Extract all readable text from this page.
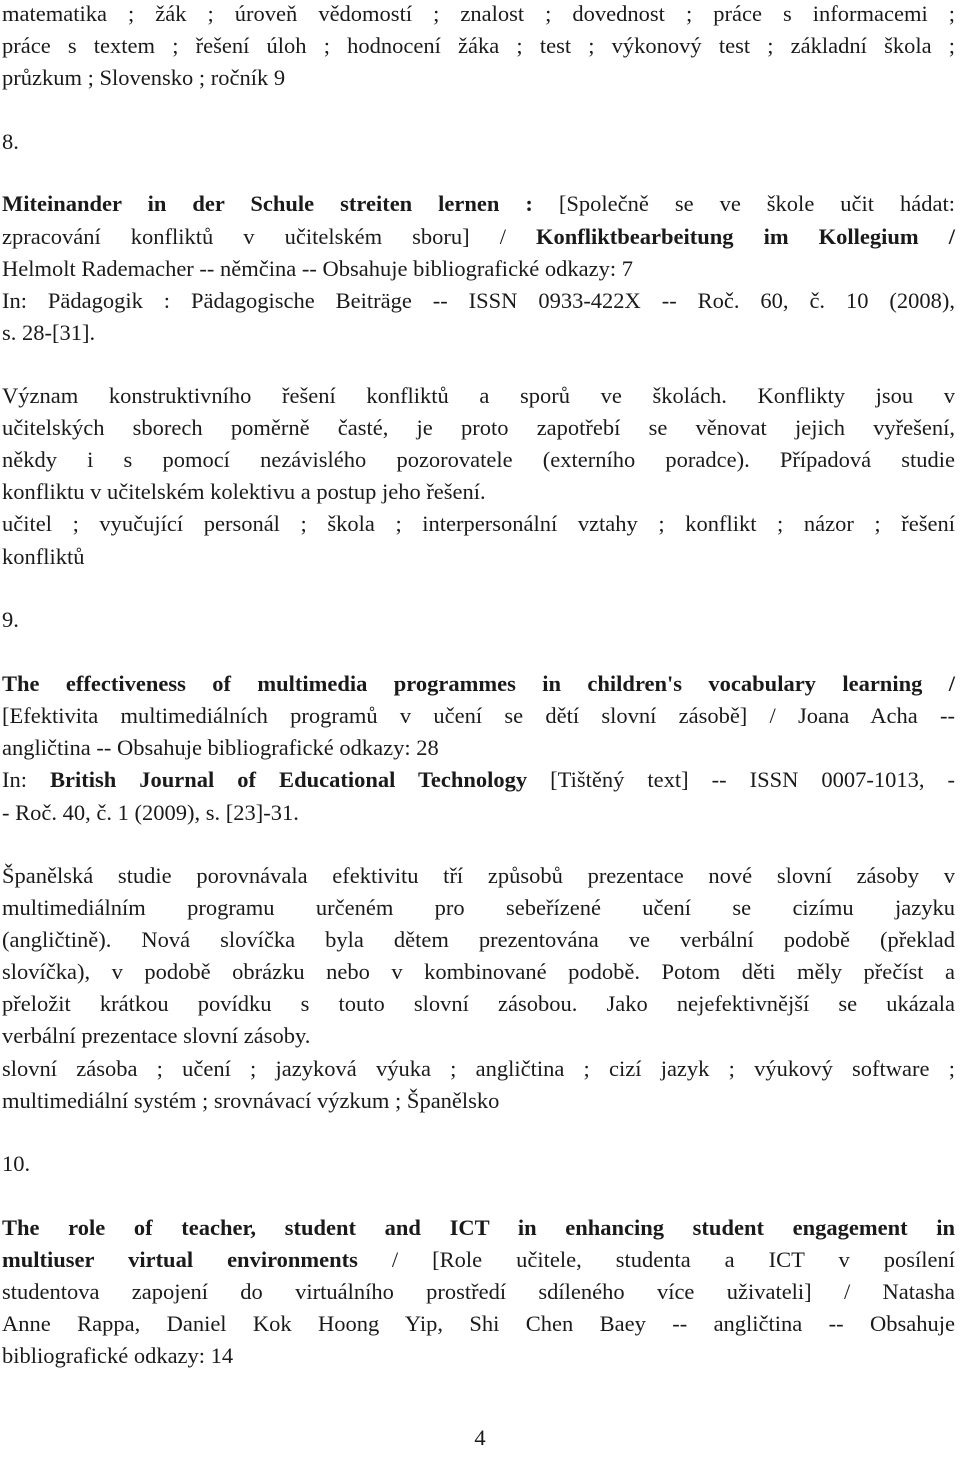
matematika ; žák ; úroveň vědomostí ; znalost ; dovednost ; práce s informacemi ;
práce s textem ; řešení úloh ; hodnocení žáka ; test ; výkonový test ; základní škola ;
průzkum ; Slovensko ; ročník 9
8.
Miteinander in der Schule streiten lernen : [Společně se ve škole učit hádat:
zpracování konfliktů v učitelském sboru] / Konfliktbearbeitung im Kollegium /
Helmolt Rademacher -- němčina -- Obsahuje bibliografické odkazy: 7
In: Pädagogik : Pädagogische Beiträge -- ISSN 0933-422X -- Roč. 60, č. 10 (2008),
s. 28-[31].
Význam konstruktivního řešení konfliktů a sporů ve školách. Konflikty jsou v
učitelských sborech poměrně časté, je proto zapotřebí se věnovat jejich vyřešení,
někdy i s pomocí nezávislého pozorovatele (externího poradce). Případová studie
konfliktu v učitelském kolektivu a postup jeho řešení.
učitel ; vyučující personál ; škola ; interpersonální vztahy ; konflikt ; názor ; řešení
konfliktů
9.
The effectiveness of multimedia programmes in children's vocabulary learning /
[Efektivita multimediálních programů v učení se dětí slovní zásobě] / Joana Acha --
angličtina -- Obsahuje bibliografické odkazy: 28
In: British Journal of Educational Technology [Tištěný text] -- ISSN 0007-1013, -
- Roč. 40, č. 1 (2009), s. [23]-31.
Španělská studie porovnávala efektivitu tří způsobů prezentace nové slovní zásoby v
multimediálním programu určeném pro sebeřízené učení se cizímu jazyku
(angličtině). Nová slovíčka byla dětem prezentována ve verbální podobě (překlad
slovíčka), v podobě obrázku nebo v kombinované podobě. Potom děti měly přečíst a
přeložit krátkou povídku s touto slovní zásobou. Jako nejefektivnější se ukázala
verbální prezentace slovní zásoby.
slovní zásoba ; učení ; jazyková výuka ; angličtina ; cizí jazyk ; výukový software ;
multimediální systém ; srovnávací výzkum ; Španělsko
10.
The role of teacher, student and ICT in enhancing student engagement in
multiuser virtual environments / [Role učitele, studenta a ICT v posílení
studentova zapojení do virtuálního prostředí sdíleného více uživateli] / Natasha
Anne Rappa, Daniel Kok Hoong Yip, Shi Chen Baey -- angličtina -- Obsahuje
bibliografické odkazy: 14
4
